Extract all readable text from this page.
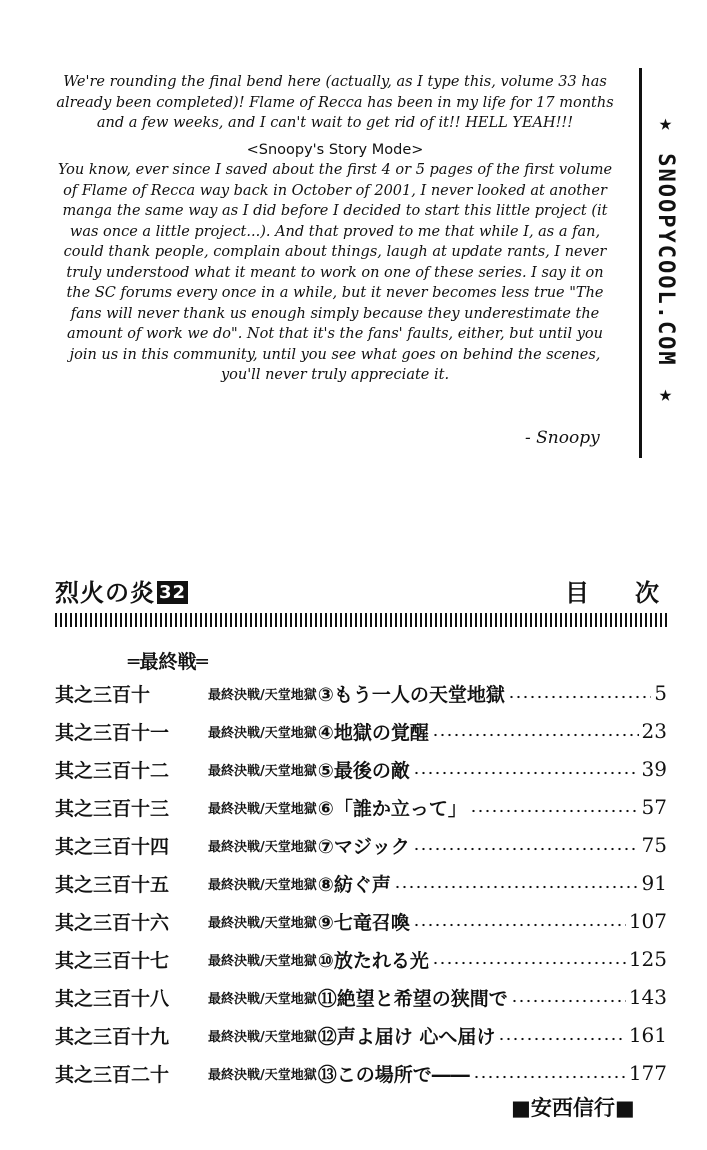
We're rounding the final bend here (actually, as I type this, volume 33 has already been completed)! Flame of Recca has been in my life for 17 months and a few weeks, and I can't wait to get rid of it!! HELL YEAH!!!

<Snoopy's Story Mode>

You know, ever since I saved about the first 4 or 5 pages of the first volume of Flame of Recca way back in October of 2001, I never looked at another manga the same way as I did before I decided to start this little project (it was once a little project...). And that proved to me that while I, as a fan, could thank people, complain about things, laugh at update rants, I never truly understood what it meant to work on one of these series. I say it on the SC forums every once in a while, but it never becomes less true "The fans will never thank us enough simply because they underestimate the amount of work we do". Not that it's the fans' faults, either, but until you join us in this community, until you see what goes on behind the scenes, you'll never truly appreciate it.

- Snoopy
★ SNOOPYCOOL.COM ★
烈火の炎 32	目次
═最終戦═
其之三百十	最終決戦/天堂地獄 ③もう一人の天堂地獄	5
其之三百十一	最終決戦/天堂地獄 ④地獄の覚醒	23
其之三百十二	最終決戦/天堂地獄 ⑤最後の敵	39
其之三百十三	最終決戦/天堂地獄 ⑥「誰か立って」	57
其之三百十四	最終決戦/天堂地獄 ⑦マジック	75
其之三百十五	最終決戦/天堂地獄 ⑧紡ぐ声	91
其之三百十六	最終決戦/天堂地獄 ⑨七竜召喚	107
其之三百十七	最終決戦/天堂地獄 ⑩放たれる光	125
其之三百十八	最終決戦/天堂地獄 ⑪絶望と希望の狭間で	143
其之三百十九	最終決戦/天堂地獄 ⑫声よ届け 心へ届け	161
其之三百二十	最終決戦/天堂地獄 ⑬この場所で――	177
■安西信行■
